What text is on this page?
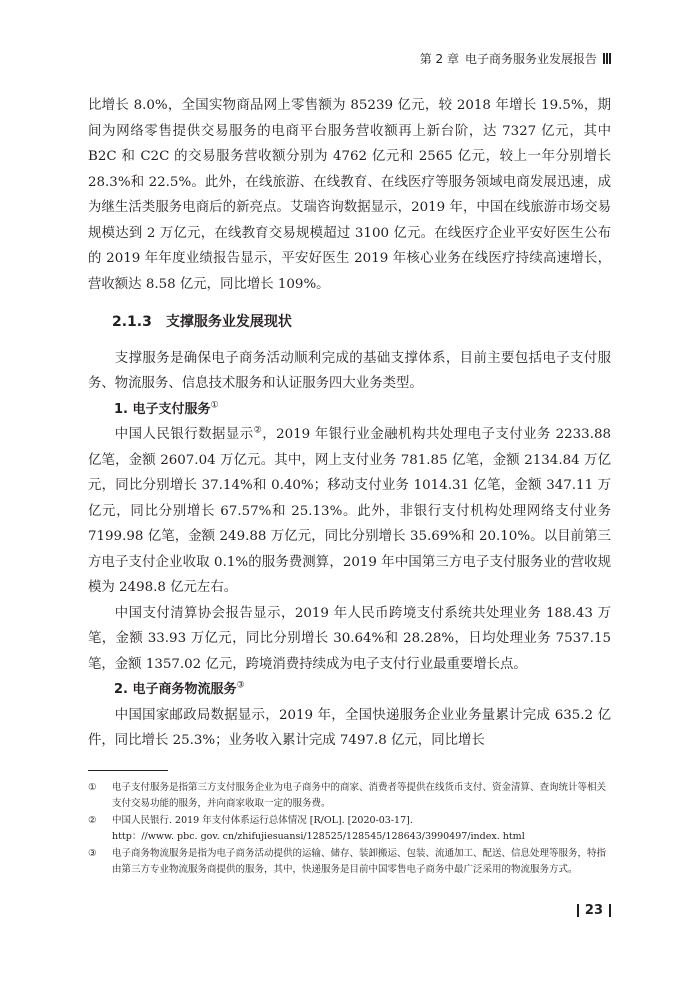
第 2 章 电子商务服务业发展报告

比增长 8.0%，全国实物商品网上零售额为 85239 亿元，较 2018 年增长 19.5%，期间为网络零售提供交易服务的电商平台服务营收额再上新台阶，达 7327 亿元，其中 B2C 和 C2C 的交易服务营收额分别为 4762 亿元和 2565 亿元，较上一年分别增长 28.3%和 22.5%。此外，在线旅游、在线教育、在线医疗等服务领域电商发展迅速，成为继生活类服务电商后的新亮点。艾瑞咨询数据显示，2019 年，中国在线旅游市场交易规模达到 2 万亿元，在线教育交易规模超过 3100 亿元。在线医疗企业平安好医生公布的 2019 年年度业绩报告显示，平安好医生 2019 年核心业务在线医疗持续高速增长，营收额达 8.58 亿元，同比增长 109%。

2.1.3 支撑服务业发展现状

支撑服务是确保电子商务活动顺利完成的基础支撑体系，目前主要包括电子支付服务、物流服务、信息技术服务和认证服务四大业务类型。

1. 电子支付服务①

中国人民银行数据显示②，2019 年银行业金融机构共处理电子支付业务 2233.88 亿笔，金额 2607.04 万亿元。其中，网上支付业务 781.85 亿笔，金额 2134.84 万亿元，同比分别增长 37.14%和 0.40%；移动支付业务 1014.31 亿笔，金额 347.11 万亿元，同比分别增长 67.57%和 25.13%。此外，非银行支付机构处理网络支付业务 7199.98 亿笔，金额 249.88 万亿元，同比分别增长 35.69%和 20.10%。以目前第三方电子支付企业收取 0.1%的服务费测算，2019 年中国第三方电子支付服务业的营收规模为 2498.8 亿元左右。

中国支付清算协会报告显示，2019 年人民币跨境支付系统共处理业务 188.43 万笔，金额 33.93 万亿元，同比分别增长 30.64%和 28.28%，日均处理业务 7537.15 笔，金额 1357.02 亿元，跨境消费持续成为电子支付行业最重要增长点。

2. 电子商务物流服务③

中国国家邮政局数据显示，2019 年，全国快递服务企业业务量累计完成 635.2 亿件，同比增长 25.3%；业务收入累计完成 7497.8 亿元，同比增长

①	电子支付服务是指第三方支付服务企业为电子商务中的商家、消费者等提供在线货币支付、资金清算、查询统计等相关支付交易功能的服务，并向商家收取一定的服务费。
②	中国人民银行. 2019 年支付体系运行总体情况 [R/OL]. [2020-03-17].
http：//www. pbc. gov. cn/zhifujiesuansi/128525/128545/128643/3990497/index. html
③	电子商务物流服务是指为电子商务活动提供的运输、储存、装卸搬运、包装、流通加工、配送、信息处理等服务，特指由第三方专业物流服务商提供的服务，其中，快递服务是目前中国零售电子商务中最广泛采用的物流服务方式。
23
